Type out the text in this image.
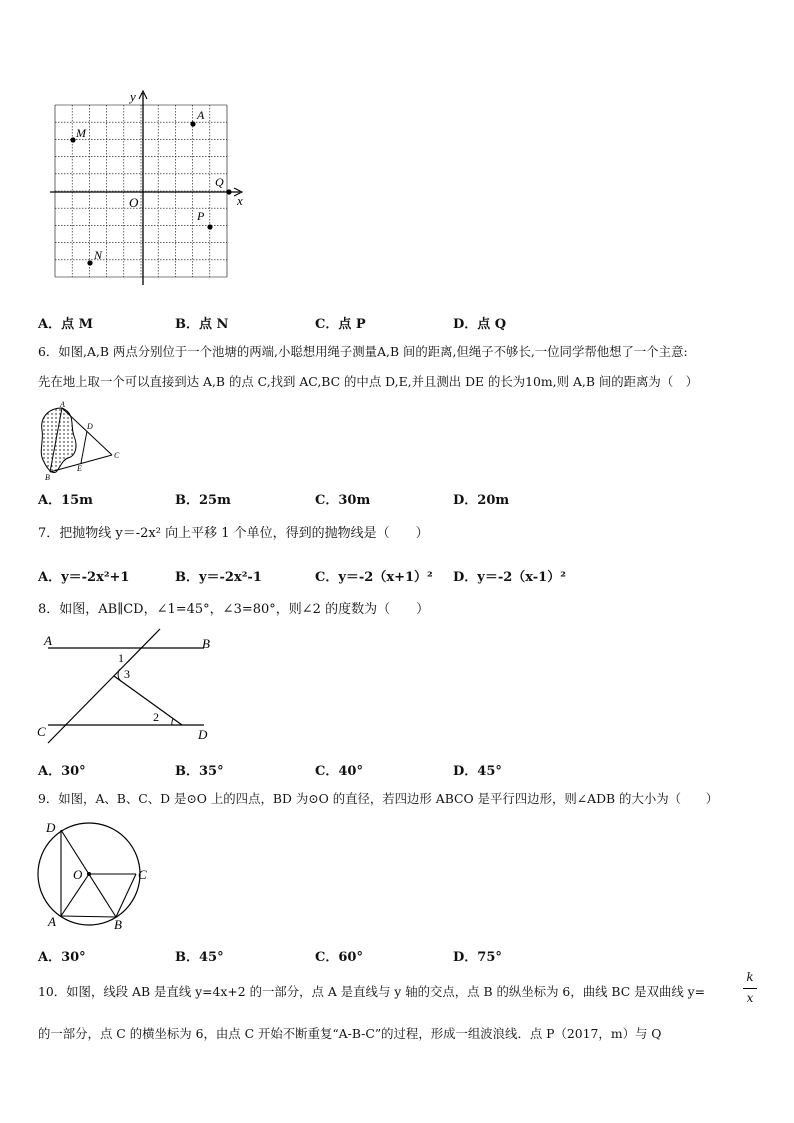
y
x
O
M
A
Q
P
N
A．点 M	B．点 N	C．点 P	D．点 Q
6．如图,A,B 两点分别位于一个池塘的两端,小聪想用绳子测量A,B 间的距离,但绳子不够长,一位同学帮他想了一个主意:
先在地上取一个可以直接到达 A,B 的点 C,找到 AC,BC 的中点 D,E,并且测出 DE 的长为10m,则 A,B 间的距离为（　）
A
D
C
E
B
A．15m	B．25m	C．30m	D．20m
7．把抛物线 y＝-2x² 向上平移 1 个单位，得到的抛物线是（　　）
A．y＝-2x²+1	B．y＝-2x²-1	C．y＝-2（x+1）² D．y＝-2（x-1）²
8．如图，AB∥CD，∠1=45°，∠3=80°，则∠2 的度数为（　　）
A	B
C	D
1
2
3
A．30°	B．35°	C．40°	D．45°
9．如图，A、B、C、D 是⊙O 上的四点，BD 为⊙O 的直径，若四边形 ABCO 是平行四边形，则∠ADB 的大小为（　　）
D
O	C
A	B
A．30°	B．45°	C．60°	D．75°
10．如图，线段 AB 是直线 y=4x+2 的一部分，点 A 是直线与 y 轴的交点，点 B 的纵坐标为 6，曲线 BC 是双曲线 y=
k
x
的一部分，点 C 的横坐标为 6，由点 C 开始不断重复“A-B-C”的过程，形成一组波浪线．点 P（2017，m）与 Q
